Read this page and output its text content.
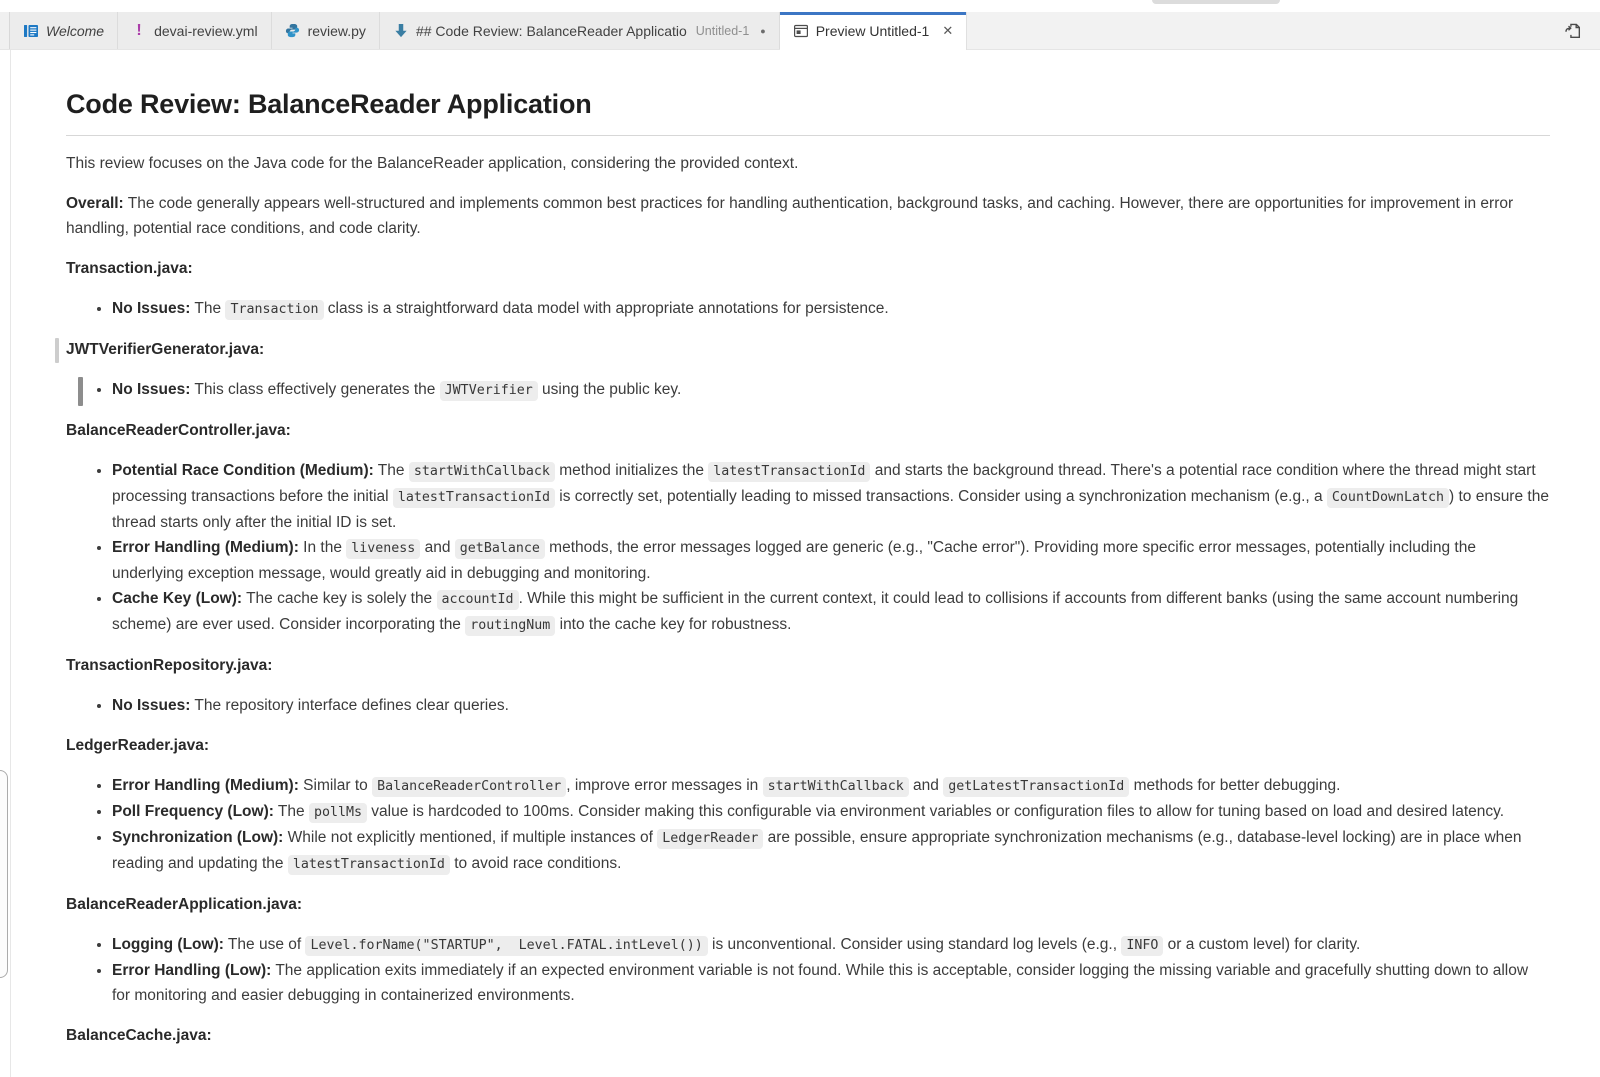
Welcome ! devai-review.yml	review.py	## Code Review: BalanceReader Applicatio Untitled-1 ●	Preview Untitled-1 ✕
Code Review: BalanceReader Application

This review focuses on the Java code for the BalanceReader application, considering the provided context.

Overall: The code generally appears well-structured and implements common best practices for handling authentication, background tasks, and caching. However, there are opportunities for improvement in error handling, potential race conditions, and code clarity.

Transaction.java:

• No Issues: The Transaction class is a straightforward data model with appropriate annotations for persistence.

JWTVerifierGenerator.java:

• No Issues: This class effectively generates the JWTVerifier using the public key.

BalanceReaderController.java:

• Potential Race Condition (Medium): The startWithCallback method initializes the latestTransactionId and starts the background thread. There's a potential race condition where the thread might start processing transactions before the initial latestTransactionId is correctly set, potentially leading to missed transactions. Consider using a synchronization mechanism (e.g., a CountDownLatch ) to ensure the thread starts only after the initial ID is set.
• Error Handling (Medium): In the liveness and getBalance methods, the error messages logged are generic (e.g., "Cache error"). Providing more specific error messages, potentially including the underlying exception message, would greatly aid in debugging and monitoring.
• Cache Key (Low): The cache key is solely the accountId . While this might be sufficient in the current context, it could lead to collisions if accounts from different banks (using the same account numbering scheme) are ever used. Consider incorporating the routingNum into the cache key for robustness.

TransactionRepository.java:

• No Issues: The repository interface defines clear queries.

LedgerReader.java:

• Error Handling (Medium): Similar to BalanceReaderController , improve error messages in startWithCallback and getLatestTransactionId methods for better debugging.
• Poll Frequency (Low): The pollMs value is hardcoded to 100ms. Consider making this configurable via environment variables or configuration files to allow for tuning based on load and desired latency.
• Synchronization (Low): While not explicitly mentioned, if multiple instances of LedgerReader are possible, ensure appropriate synchronization mechanisms (e.g., database-level locking) are in place when reading and updating the latestTransactionId to avoid race conditions.

BalanceReaderApplication.java:

• Logging (Low): The use of Level.forName("STARTUP",  Level.FATAL.intLevel()) is unconventional. Consider using standard log levels (e.g., INFO or a custom level) for clarity.
• Error Handling (Low): The application exits immediately if an expected environment variable is not found. While this is acceptable, consider logging the missing variable and gracefully shutting down to allow for monitoring and easier debugging in containerized environments.

BalanceCache.java:
